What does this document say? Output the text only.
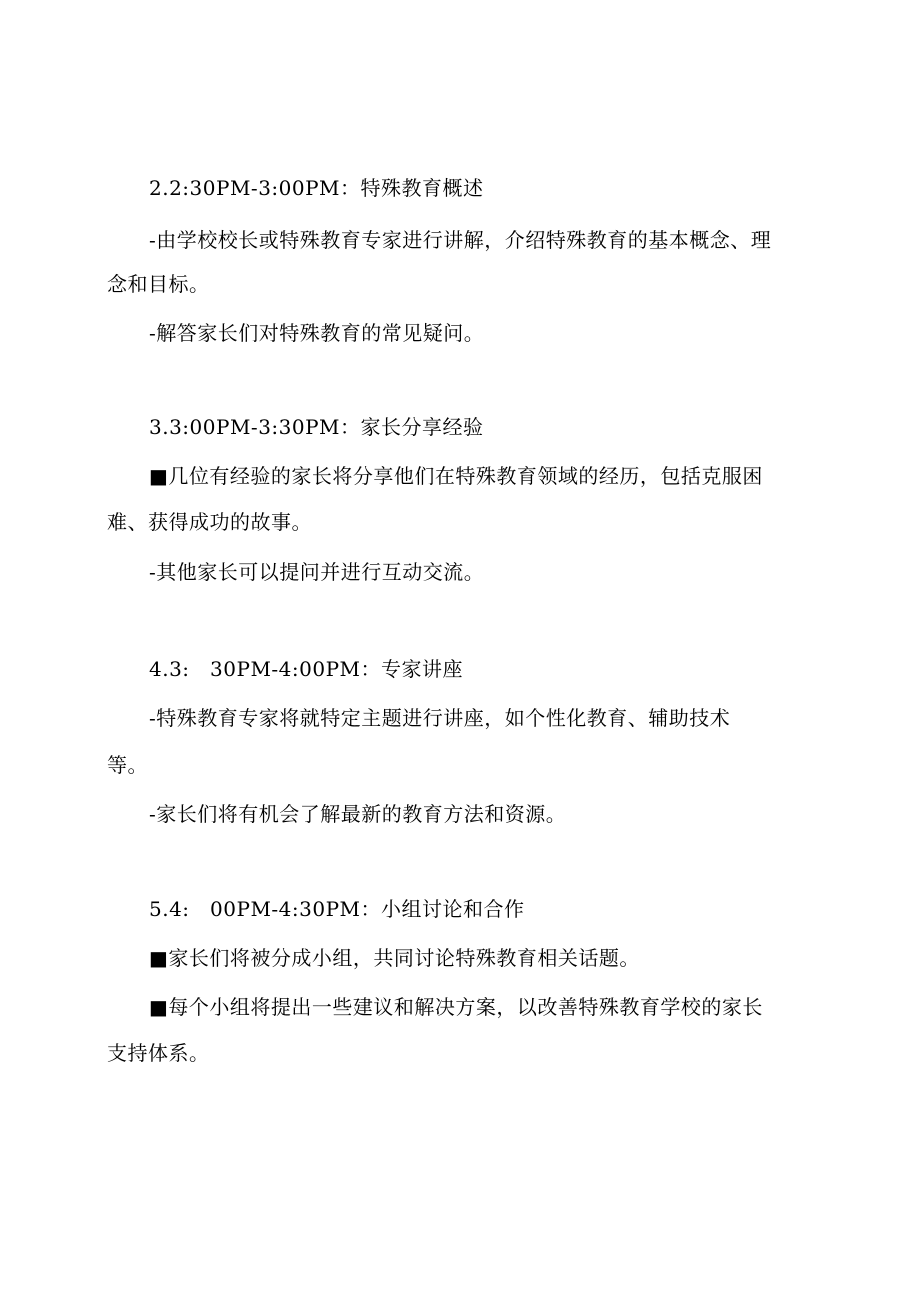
2.2:30PM-3:00PM：特殊教育概述
-由学校校长或特殊教育专家进行讲解，介绍特殊教育的基本概念、理
念和目标。
-解答家长们对特殊教育的常见疑问。
3.3:00PM-3:30PM：家长分享经验
■几位有经验的家长将分享他们在特殊教育领域的经历，包括克服困
难、获得成功的故事。
-其他家长可以提问并进行互动交流。
4.3:　30PM-4:00PM：专家讲座
-特殊教育专家将就特定主题进行讲座，如个性化教育、辅助技术
等。
-家长们将有机会了解最新的教育方法和资源。
5.4:　00PM-4:30PM：小组讨论和合作
■家长们将被分成小组，共同讨论特殊教育相关话题。
■每个小组将提出一些建议和解决方案，以改善特殊教育学校的家长
支持体系。
